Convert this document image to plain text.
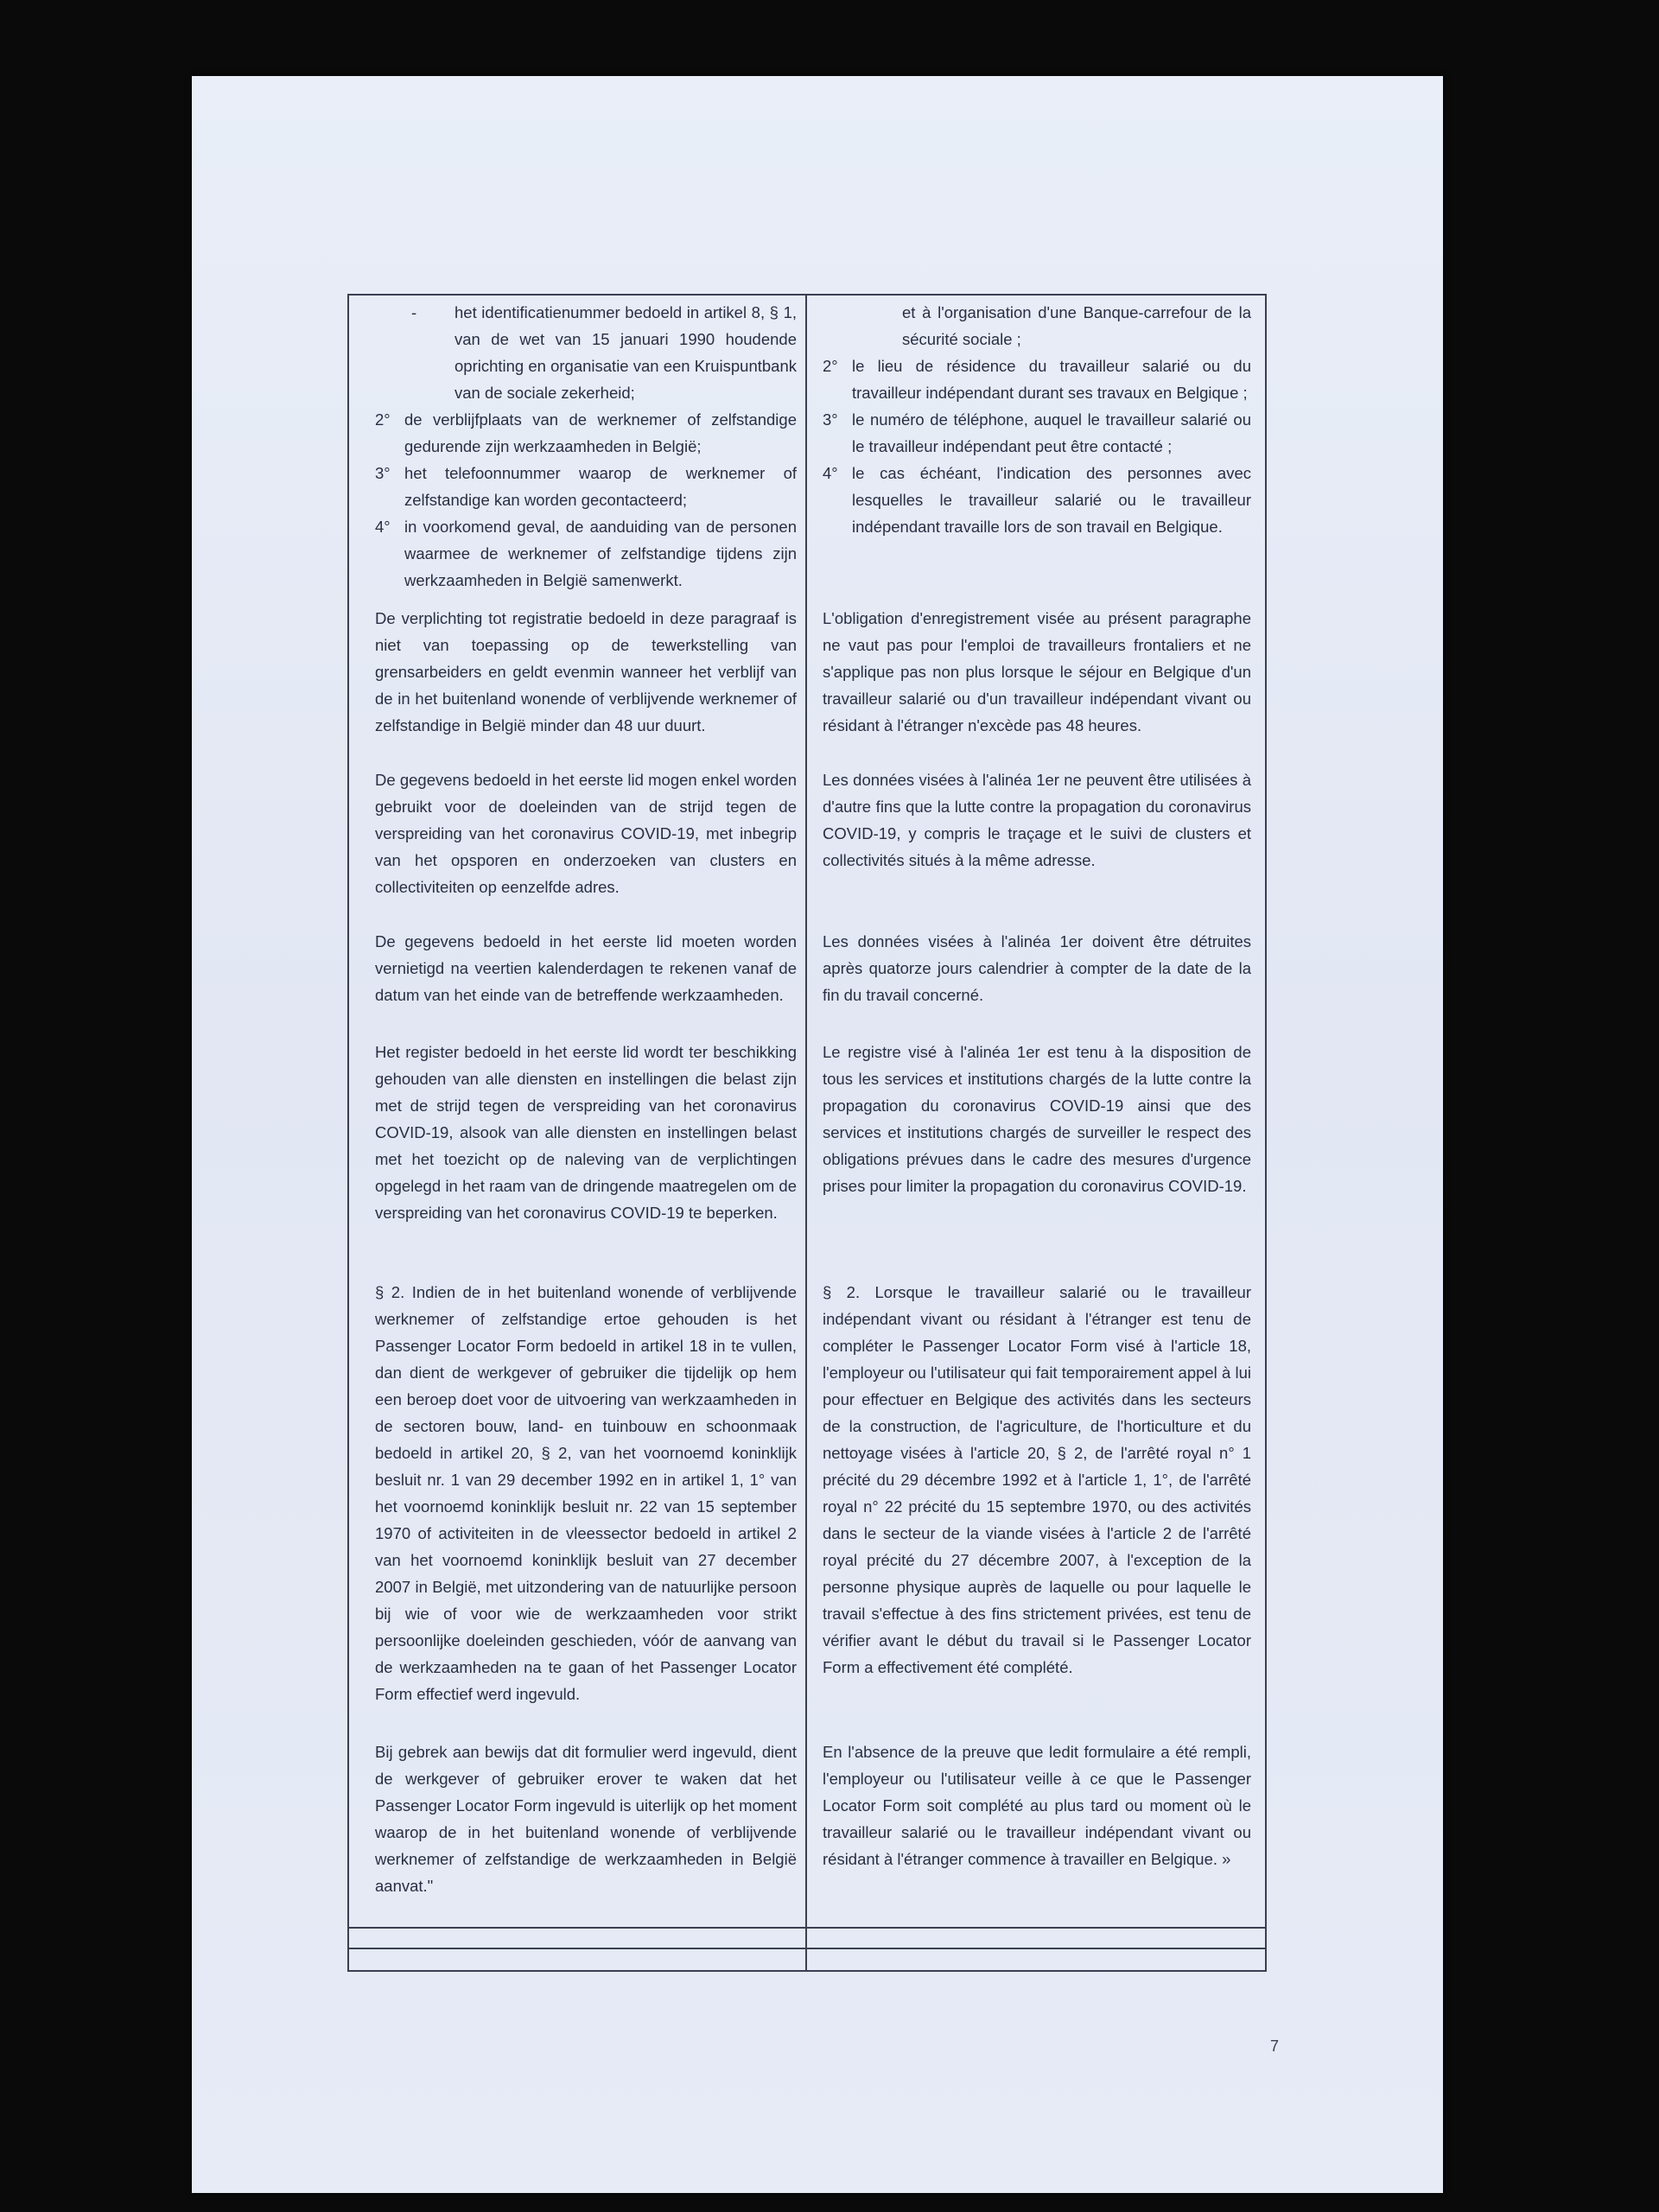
-	het identificatienummer bedoeld in artikel 8, § 1, van de wet van 15 januari 1990 houdende oprichting en organisatie van een Kruispuntbank van de sociale zekerheid;
2° de verblijfplaats van de werknemer of zelfstandige gedurende zijn werkzaamheden in België;
3° het telefoonnummer waarop de werknemer of zelfstandige kan worden gecontacteerd;
4° in voorkomend geval, de aanduiding van de personen waarmee de werknemer of zelfstandige tijdens zijn werkzaamheden in België samenwerkt.
De verplichting tot registratie bedoeld in deze paragraaf is niet van toepassing op de tewerkstelling van grensarbeiders en geldt evenmin wanneer het verblijf van de in het buitenland wonende of verblijvende werknemer of zelfstandige in België minder dan 48 uur duurt.
De gegevens bedoeld in het eerste lid mogen enkel worden gebruikt voor de doeleinden van de strijd tegen de verspreiding van het coronavirus COVID-19, met inbegrip van het opsporen en onderzoeken van clusters en collectiviteiten op eenzelfde adres.
De gegevens bedoeld in het eerste lid moeten worden vernietigd na veertien kalenderdagen te rekenen vanaf de datum van het einde van de betreffende werkzaamheden.
Het register bedoeld in het eerste lid wordt ter beschikking gehouden van alle diensten en instellingen die belast zijn met de strijd tegen de verspreiding van het coronavirus COVID-19, alsook van alle diensten en instellingen belast met het toezicht op de naleving van de verplichtingen opgelegd in het raam van de dringende maatregelen om de verspreiding van het coronavirus COVID-19 te beperken.
§ 2. Indien de in het buitenland wonende of verblijvende werknemer of zelfstandige ertoe gehouden is het Passenger Locator Form bedoeld in artikel 18 in te vullen, dan dient de werkgever of gebruiker die tijdelijk op hem een beroep doet voor de uitvoering van werkzaamheden in de sectoren bouw, land- en tuinbouw en schoonmaak bedoeld in artikel 20, § 2, van het voornoemd koninklijk besluit nr. 1 van 29 december 1992 en in artikel 1, 1° van het voornoemd koninklijk besluit nr. 22 van 15 september 1970 of activiteiten in de vleessector bedoeld in artikel 2 van het voornoemd koninklijk besluit van 27 december 2007 in België, met uitzondering van de natuurlijke persoon bij wie of voor wie de werkzaamheden voor strikt persoonlijke doeleinden geschieden, vóór de aanvang van de werkzaamheden na te gaan of het Passenger Locator Form effectief werd ingevuld.
Bij gebrek aan bewijs dat dit formulier werd ingevuld, dient de werkgever of gebruiker erover te waken dat het Passenger Locator Form ingevuld is uiterlijk op het moment waarop de in het buitenland wonende of verblijvende werknemer of zelfstandige de werkzaamheden in België aanvat."
et à l'organisation d'une Banque-carrefour de la sécurité sociale ;
2° le lieu de résidence du travailleur salarié ou du travailleur indépendant durant ses travaux en Belgique ;
3° le numéro de téléphone, auquel le travailleur salarié ou le travailleur indépendant peut être contacté ;
4° le cas échéant, l'indication des personnes avec lesquelles le travailleur salarié ou le travailleur indépendant travaille lors de son travail en Belgique.
L'obligation d'enregistrement visée au présent paragraphe ne vaut pas pour l'emploi de travailleurs frontaliers et ne s'applique pas non plus lorsque le séjour en Belgique d'un travailleur salarié ou d'un travailleur indépendant vivant ou résidant à l'étranger n'excède pas 48 heures.
Les données visées à l'alinéa 1er ne peuvent être utilisées à d'autre fins que la lutte contre la propagation du coronavirus COVID-19, y compris le traçage et le suivi de clusters et collectivités situés à la même adresse.
Les données visées à l'alinéa 1er doivent être détruites après quatorze jours calendrier à compter de la date de la fin du travail concerné.
Le registre visé à l'alinéa 1er est tenu à la disposition de tous les services et institutions chargés de la lutte contre la propagation du coronavirus COVID-19 ainsi que des services et institutions chargés de surveiller le respect des obligations prévues dans le cadre des mesures d'urgence prises pour limiter la propagation du coronavirus COVID-19.
§ 2. Lorsque le travailleur salarié ou le travailleur indépendant vivant ou résidant à l'étranger est tenu de compléter le Passenger Locator Form visé à l'article 18, l'employeur ou l'utilisateur qui fait temporairement appel à lui pour effectuer en Belgique des activités dans les secteurs de la construction, de l'agriculture, de l'horticulture et du nettoyage visées à l'article 20, § 2, de l'arrêté royal n° 1 précité du 29 décembre 1992 et à l'article 1, 1°, de l'arrêté royal n° 22 précité du 15 septembre 1970, ou des activités dans le secteur de la viande visées à l'article 2 de l'arrêté royal précité du 27 décembre 2007, à l'exception de la personne physique auprès de laquelle ou pour laquelle le travail s'effectue à des fins strictement privées, est tenu de vérifier avant le début du travail si le Passenger Locator Form a effectivement été complété.
En l'absence de la preuve que ledit formulaire a été rempli, l'employeur ou l'utilisateur veille à ce que le Passenger Locator Form soit complété au plus tard ou moment où le travailleur salarié ou le travailleur indépendant vivant ou résidant à l'étranger commence à travailler en Belgique. »
7
